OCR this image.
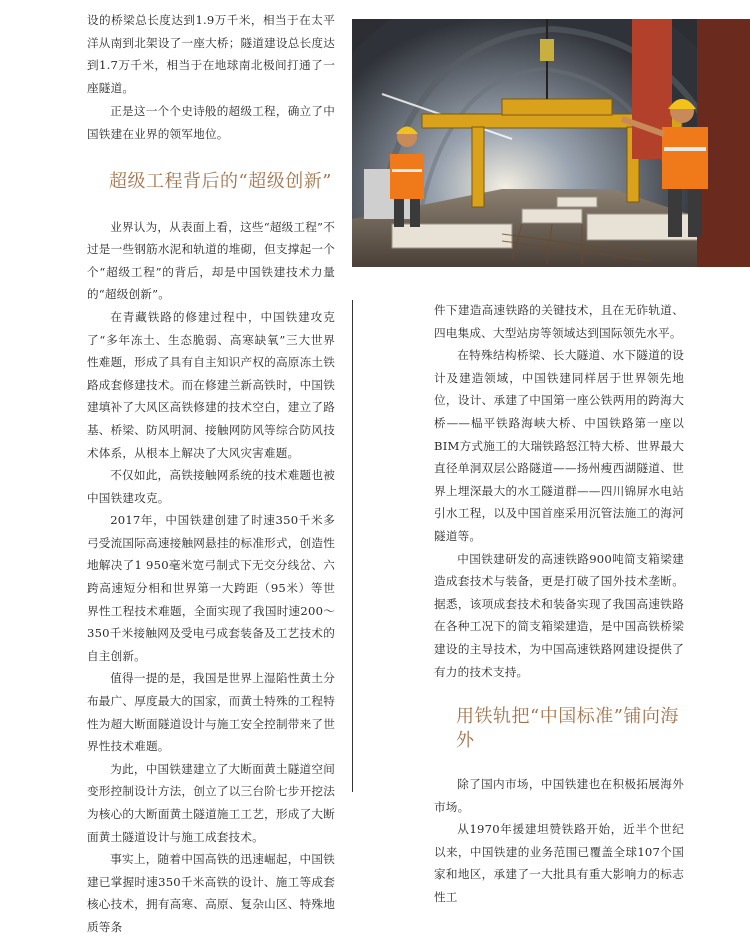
设的桥梁总长度达到1.9万千米，相当于在太平洋从南到北架设了一座大桥；隧道建设总长度达到1.7万千米，相当于在地球南北极间打通了一座隧道。

正是这一个个史诗般的超级工程，确立了中国铁建在业界的领军地位。

超级工程背后的“超级创新”

业界认为，从表面上看，这些“超级工程”不过是一些钢筋水泥和轨道的堆砌，但支撑起一个个“超级工程”的背后，却是中国铁建技术力量的“超级创新”。

在青藏铁路的修建过程中，中国铁建攻克了“多年冻土、生态脆弱、高寒缺氧”三大世界性难题，形成了具有自主知识产权的高原冻土铁路成套修建技术。而在修建兰新高铁时，中国铁建填补了大风区高铁修建的技术空白，建立了路基、桥梁、防风明洞、接触网防风等综合防风技术体系，从根本上解决了大风灾害难题。

不仅如此，高铁接触网系统的技术难题也被中国铁建攻克。

2017年，中国铁建创建了时速350千米多弓受流国际高速接触网悬挂的标准形式，创造性地解决了1 950毫米宽弓制式下无交分线岔、六跨高速短分相和世界第一大跨距（95米）等世界性工程技术难题，全面实现了我国时速200～350千米接触网及受电弓成套装备及工艺技术的自主创新。

值得一提的是，我国是世界上湿陷性黄土分布最广、厚度最大的国家，而黄土特殊的工程特性为超大断面隧道设计与施工安全控制带来了世界性技术难题。

为此，中国铁建建立了大断面黄土隧道空间变形控制设计方法，创立了以三台阶七步开挖法为核心的大断面黄土隧道施工工艺，形成了大断面黄土隧道设计与施工成套技术。

事实上，随着中国高铁的迅速崛起，中国铁建已掌握时速350千米高铁的设计、施工等成套核心技术，拥有高寒、高原、复杂山区、特殊地质等条

件下建造高速铁路的关键技术，且在无砟轨道、四电集成、大型站房等领域达到国际领先水平。

在特殊结构桥梁、长大隧道、水下隧道的设计及建造领域，中国铁建同样居于世界领先地位，设计、承建了中国第一座公铁两用的跨海大桥——榀平铁路海峡大桥、中国铁路第一座以BIM方式施工的大瑞铁路怒江特大桥、世界最大直径单洞双层公路隧道——扬州瘦西湖隧道、世界上埋深最大的水工隧道群——四川锦屏水电站引水工程，以及中国首座采用沉管法施工的海河隧道等。

中国铁建研发的高速铁路900吨简支箱梁建造成套技术与装备，更是打破了国外技术垄断。据悉，该项成套技术和装备实现了我国高速铁路在各种工况下的简支箱梁建造，是中国高铁桥梁建设的主导技术，为中国高速铁路网建设提供了有力的技术支持。

用铁轨把“中国标准”铺向海外

除了国内市场，中国铁建也在积极拓展海外市场。

从1970年援建坦赞铁路开始，近半个世纪以来，中国铁建的业务范围已覆盖全球107个国家和地区，承建了一大批具有重大影响力的标志性工
